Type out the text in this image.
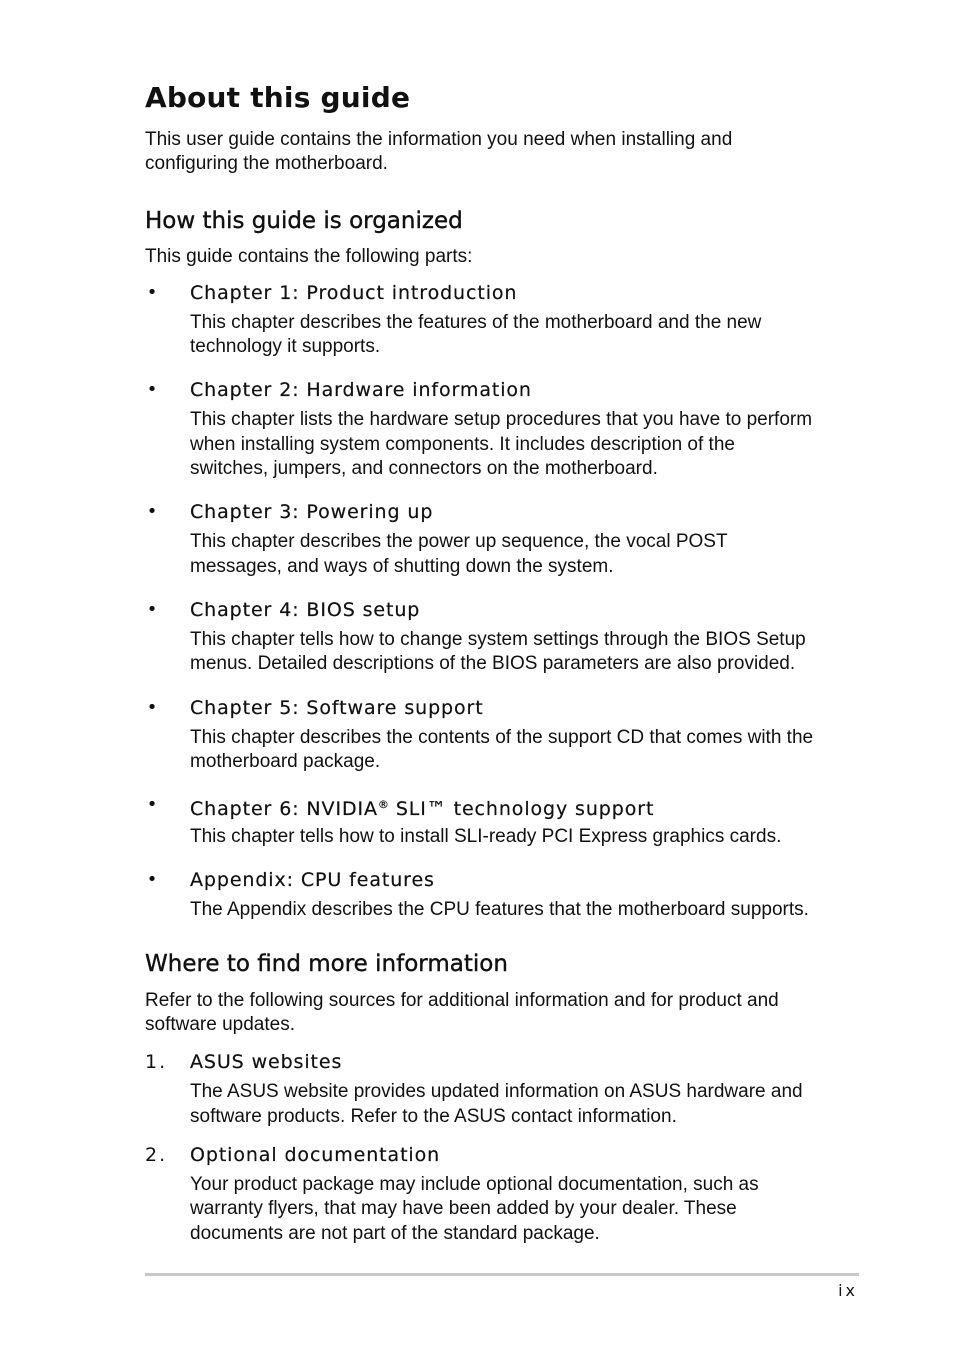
About this guide

This user guide contains the information you need when installing and configuring the motherboard.

How this guide is organized

This guide contains the following parts:

• Chapter 1: Product introduction

This chapter describes the features of the motherboard and the new technology it supports.

• Chapter 2: Hardware information

This chapter lists the hardware setup procedures that you have to perform when installing system components. It includes description of the switches, jumpers, and connectors on the motherboard.

• Chapter 3: Powering up

This chapter describes the power up sequence, the vocal POST messages, and ways of shutting down the system.

• Chapter 4: BIOS setup

This chapter tells how to change system settings through the BIOS Setup menus. Detailed descriptions of the BIOS parameters are also provided.

• Chapter 5: Software support

This chapter describes the contents of the support CD that comes with the motherboard package.

• Chapter 6: NVIDIA® SLI™ technology support

This chapter tells how to install SLI-ready PCI Express graphics cards.

• Appendix: CPU features

The Appendix describes the CPU features that the motherboard supports.

Where to find more information

Refer to the following sources for additional information and for product and software updates.

1. ASUS websites

The ASUS website provides updated information on ASUS hardware and software products. Refer to the ASUS contact information.

2. Optional documentation

Your product package may include optional documentation, such as warranty flyers, that may have been added by your dealer. These documents are not part of the standard package.

ix
